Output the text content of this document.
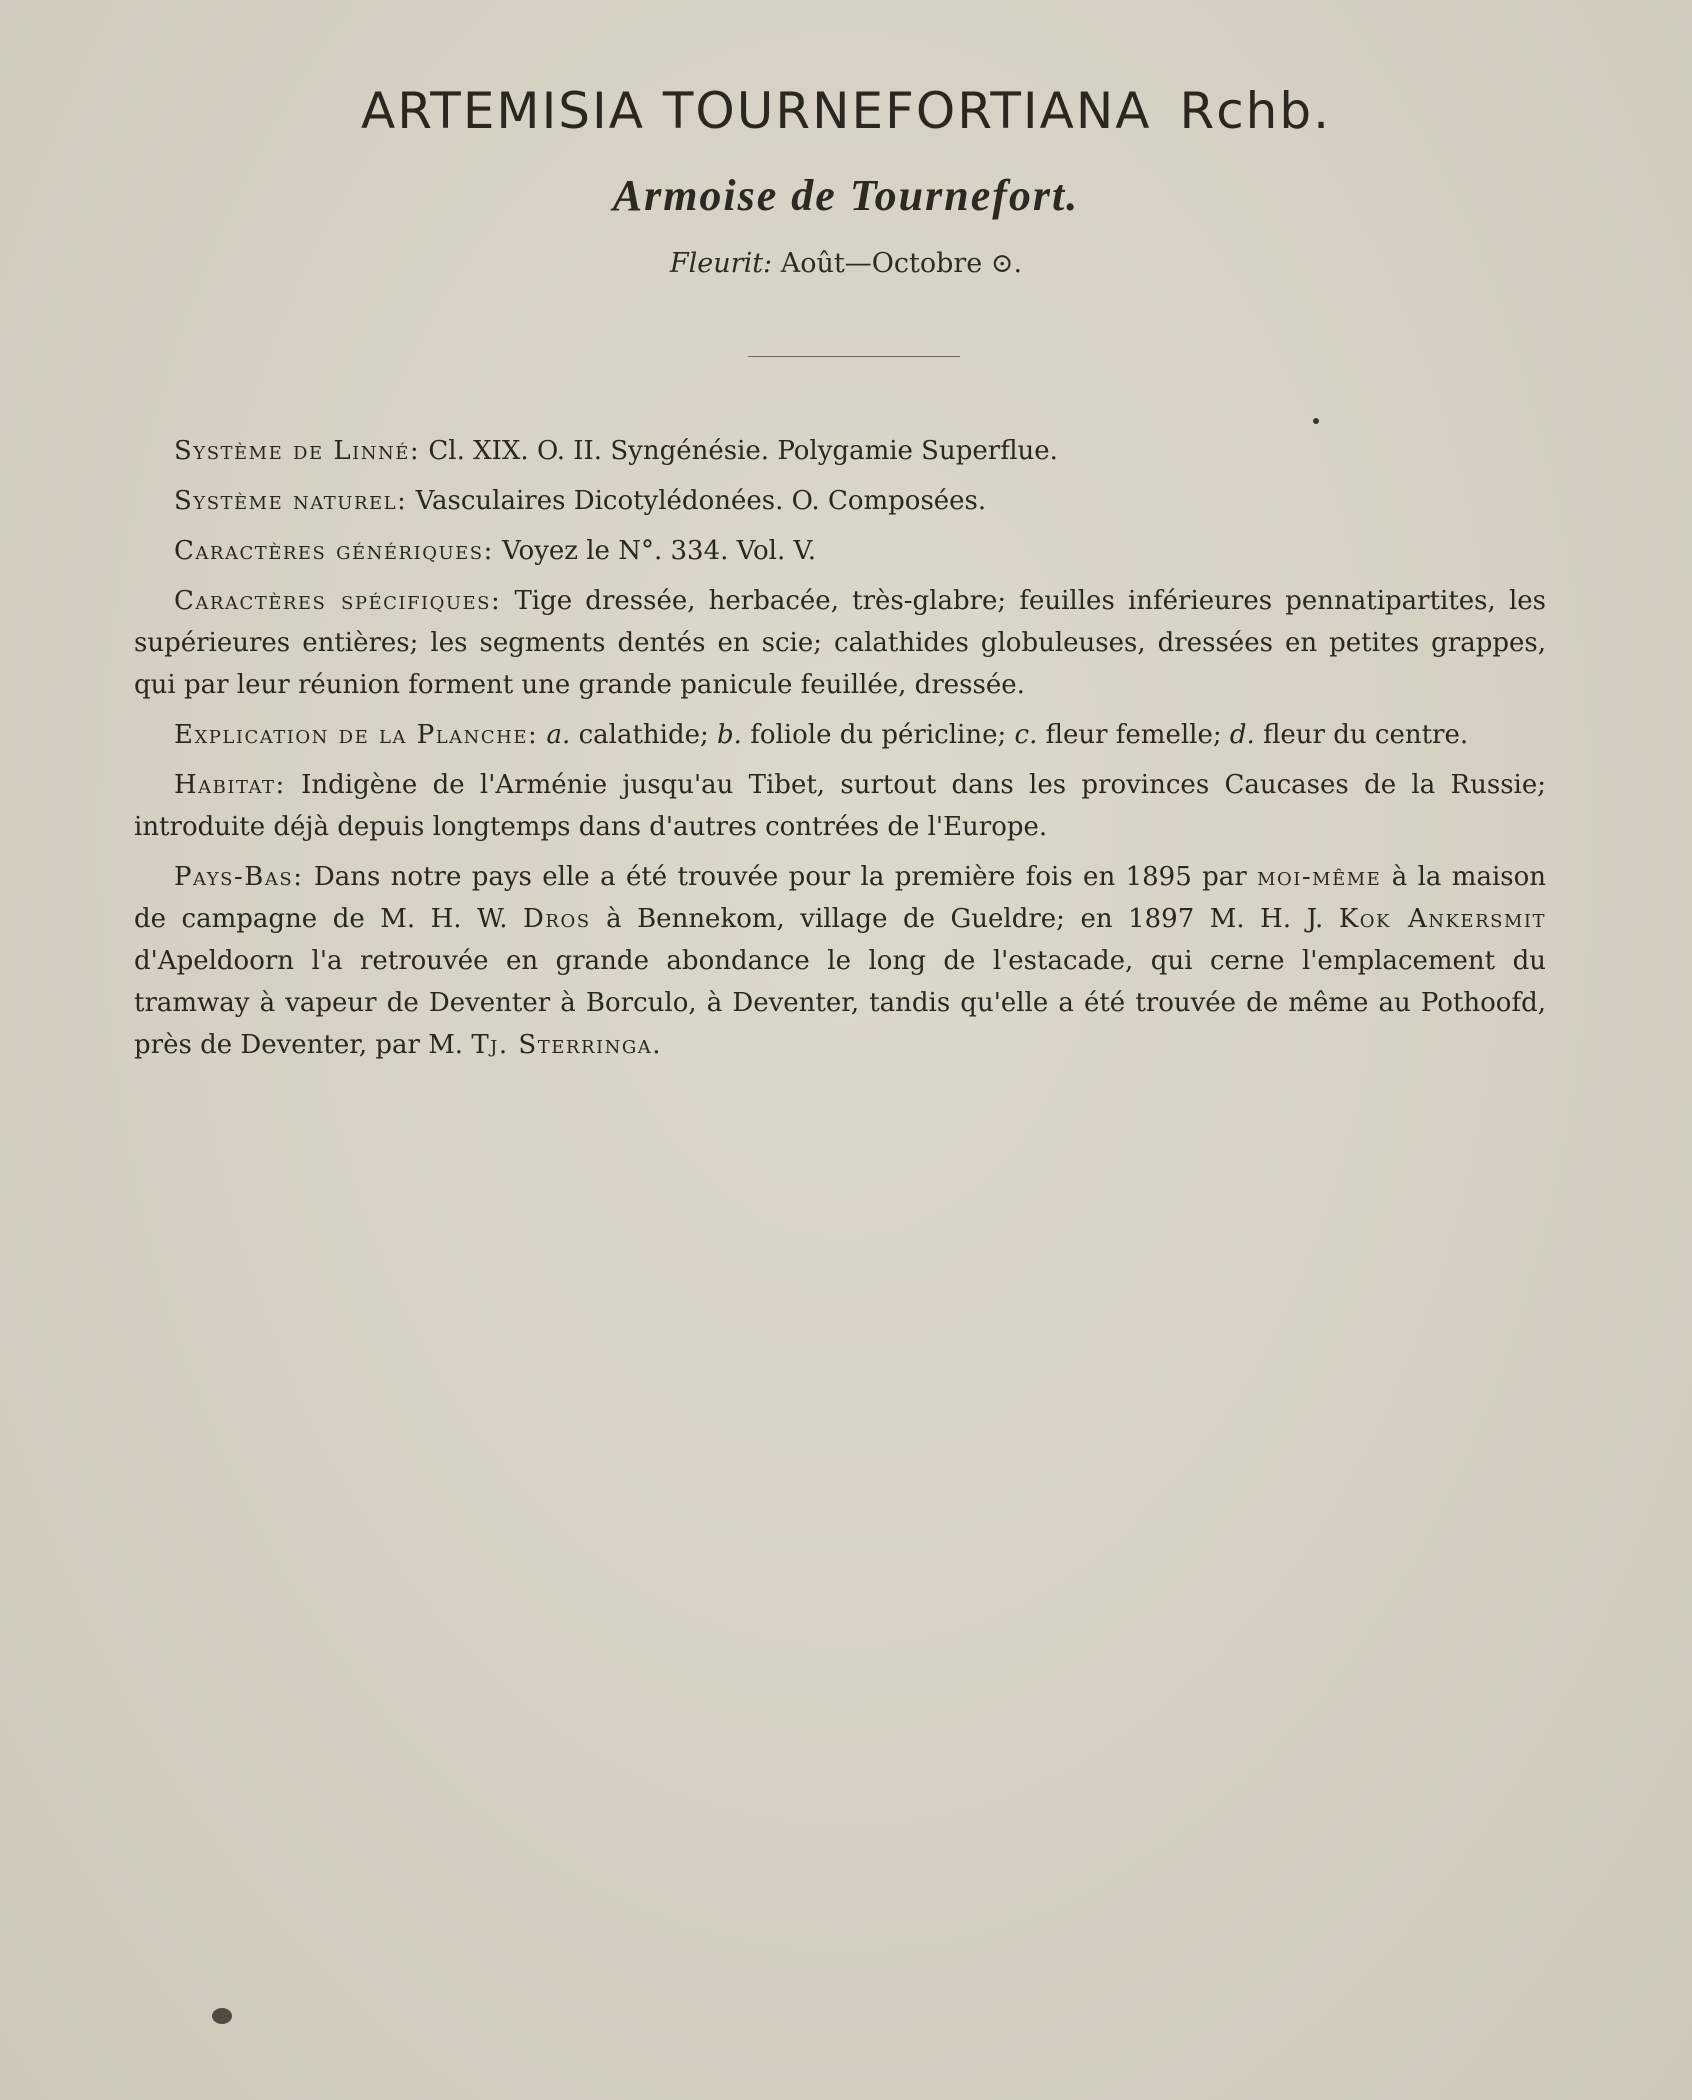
ARTEMISIA TOURNEFORTIANA Rchb.
Armoise de Tournefort.
Fleurit: Août—Octobre ⊙.

Système de Linné: Cl. XIX. O. II. Syngénésie. Polygamie Superflue.

Système naturel: Vasculaires Dicotylédonées. O. Composées.

Caractères génériques: Voyez le N°. 334. Vol. V.

Caractères spécifiques: Tige dressée, herbacée, très-glabre; feuilles inférieures pennatipartites, les supérieures entières; les segments dentés en scie; calathides globuleuses, dressées en petites grappes, qui par leur réunion forment une grande panicule feuillée, dressée.

Explication de la Planche: a. calathide; b. foliole du péricline; c. fleur femelle; d. fleur du centre.

Habitat: Indigène de l'Arménie jusqu'au Tibet, surtout dans les provinces Caucases de la Russie; introduite déjà depuis longtemps dans d'autres contrées de l'Europe.

Pays-Bas: Dans notre pays elle a été trouvée pour la première fois en 1895 par moi-même à la maison de campagne de M. H. W. Dros à Bennekom, village de Gueldre; en 1897 M. H. J. Kok Ankersmit d'Apeldoorn l'a retrouvée en grande abondance le long de l'estacade, qui cerne l'emplacement du tramway à vapeur de Deventer à Borculo, à Deventer, tandis qu'elle a été trouvée de même au Pothoofd, près de Deventer, par M. Tj. Sterringa.
